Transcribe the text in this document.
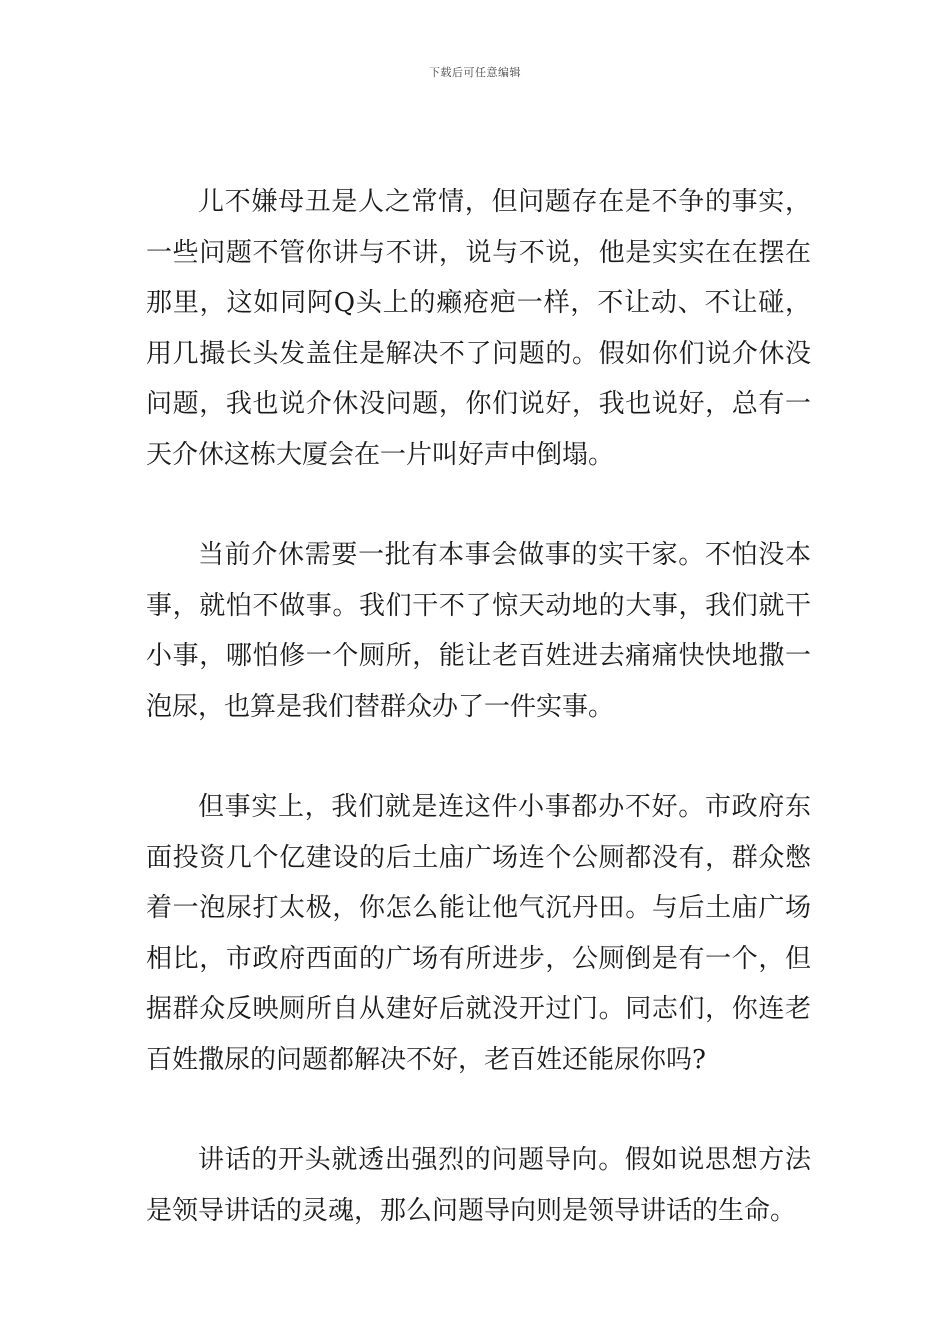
下载后可任意编辑

儿不嫌母丑是人之常情，但问题存在是不争的事实，一些问题不管你讲与不讲，说与不说，他是实实在在摆在那里，这如同阿Q头上的癞疮疤一样，不让动、不让碰，用几撮长头发盖住是解决不了问题的。假如你们说介休没问题，我也说介休没问题，你们说好，我也说好，总有一天介休这栋大厦会在一片叫好声中倒塌。

当前介休需要一批有本事会做事的实干家。不怕没本事，就怕不做事。我们干不了惊天动地的大事，我们就干小事，哪怕修一个厕所，能让老百姓进去痛痛快快地撒一泡尿，也算是我们替群众办了一件实事。

但事实上，我们就是连这件小事都办不好。市政府东面投资几个亿建设的后土庙广场连个公厕都没有，群众憋着一泡尿打太极，你怎么能让他气沉丹田。与后土庙广场相比，市政府西面的广场有所进步，公厕倒是有一个，但据群众反映厕所自从建好后就没开过门。同志们，你连老百姓撒尿的问题都解决不好，老百姓还能尿你吗?

讲话的开头就透出强烈的问题导向。假如说思想方法是领导讲话的灵魂，那么问题导向则是领导讲话的生命。
